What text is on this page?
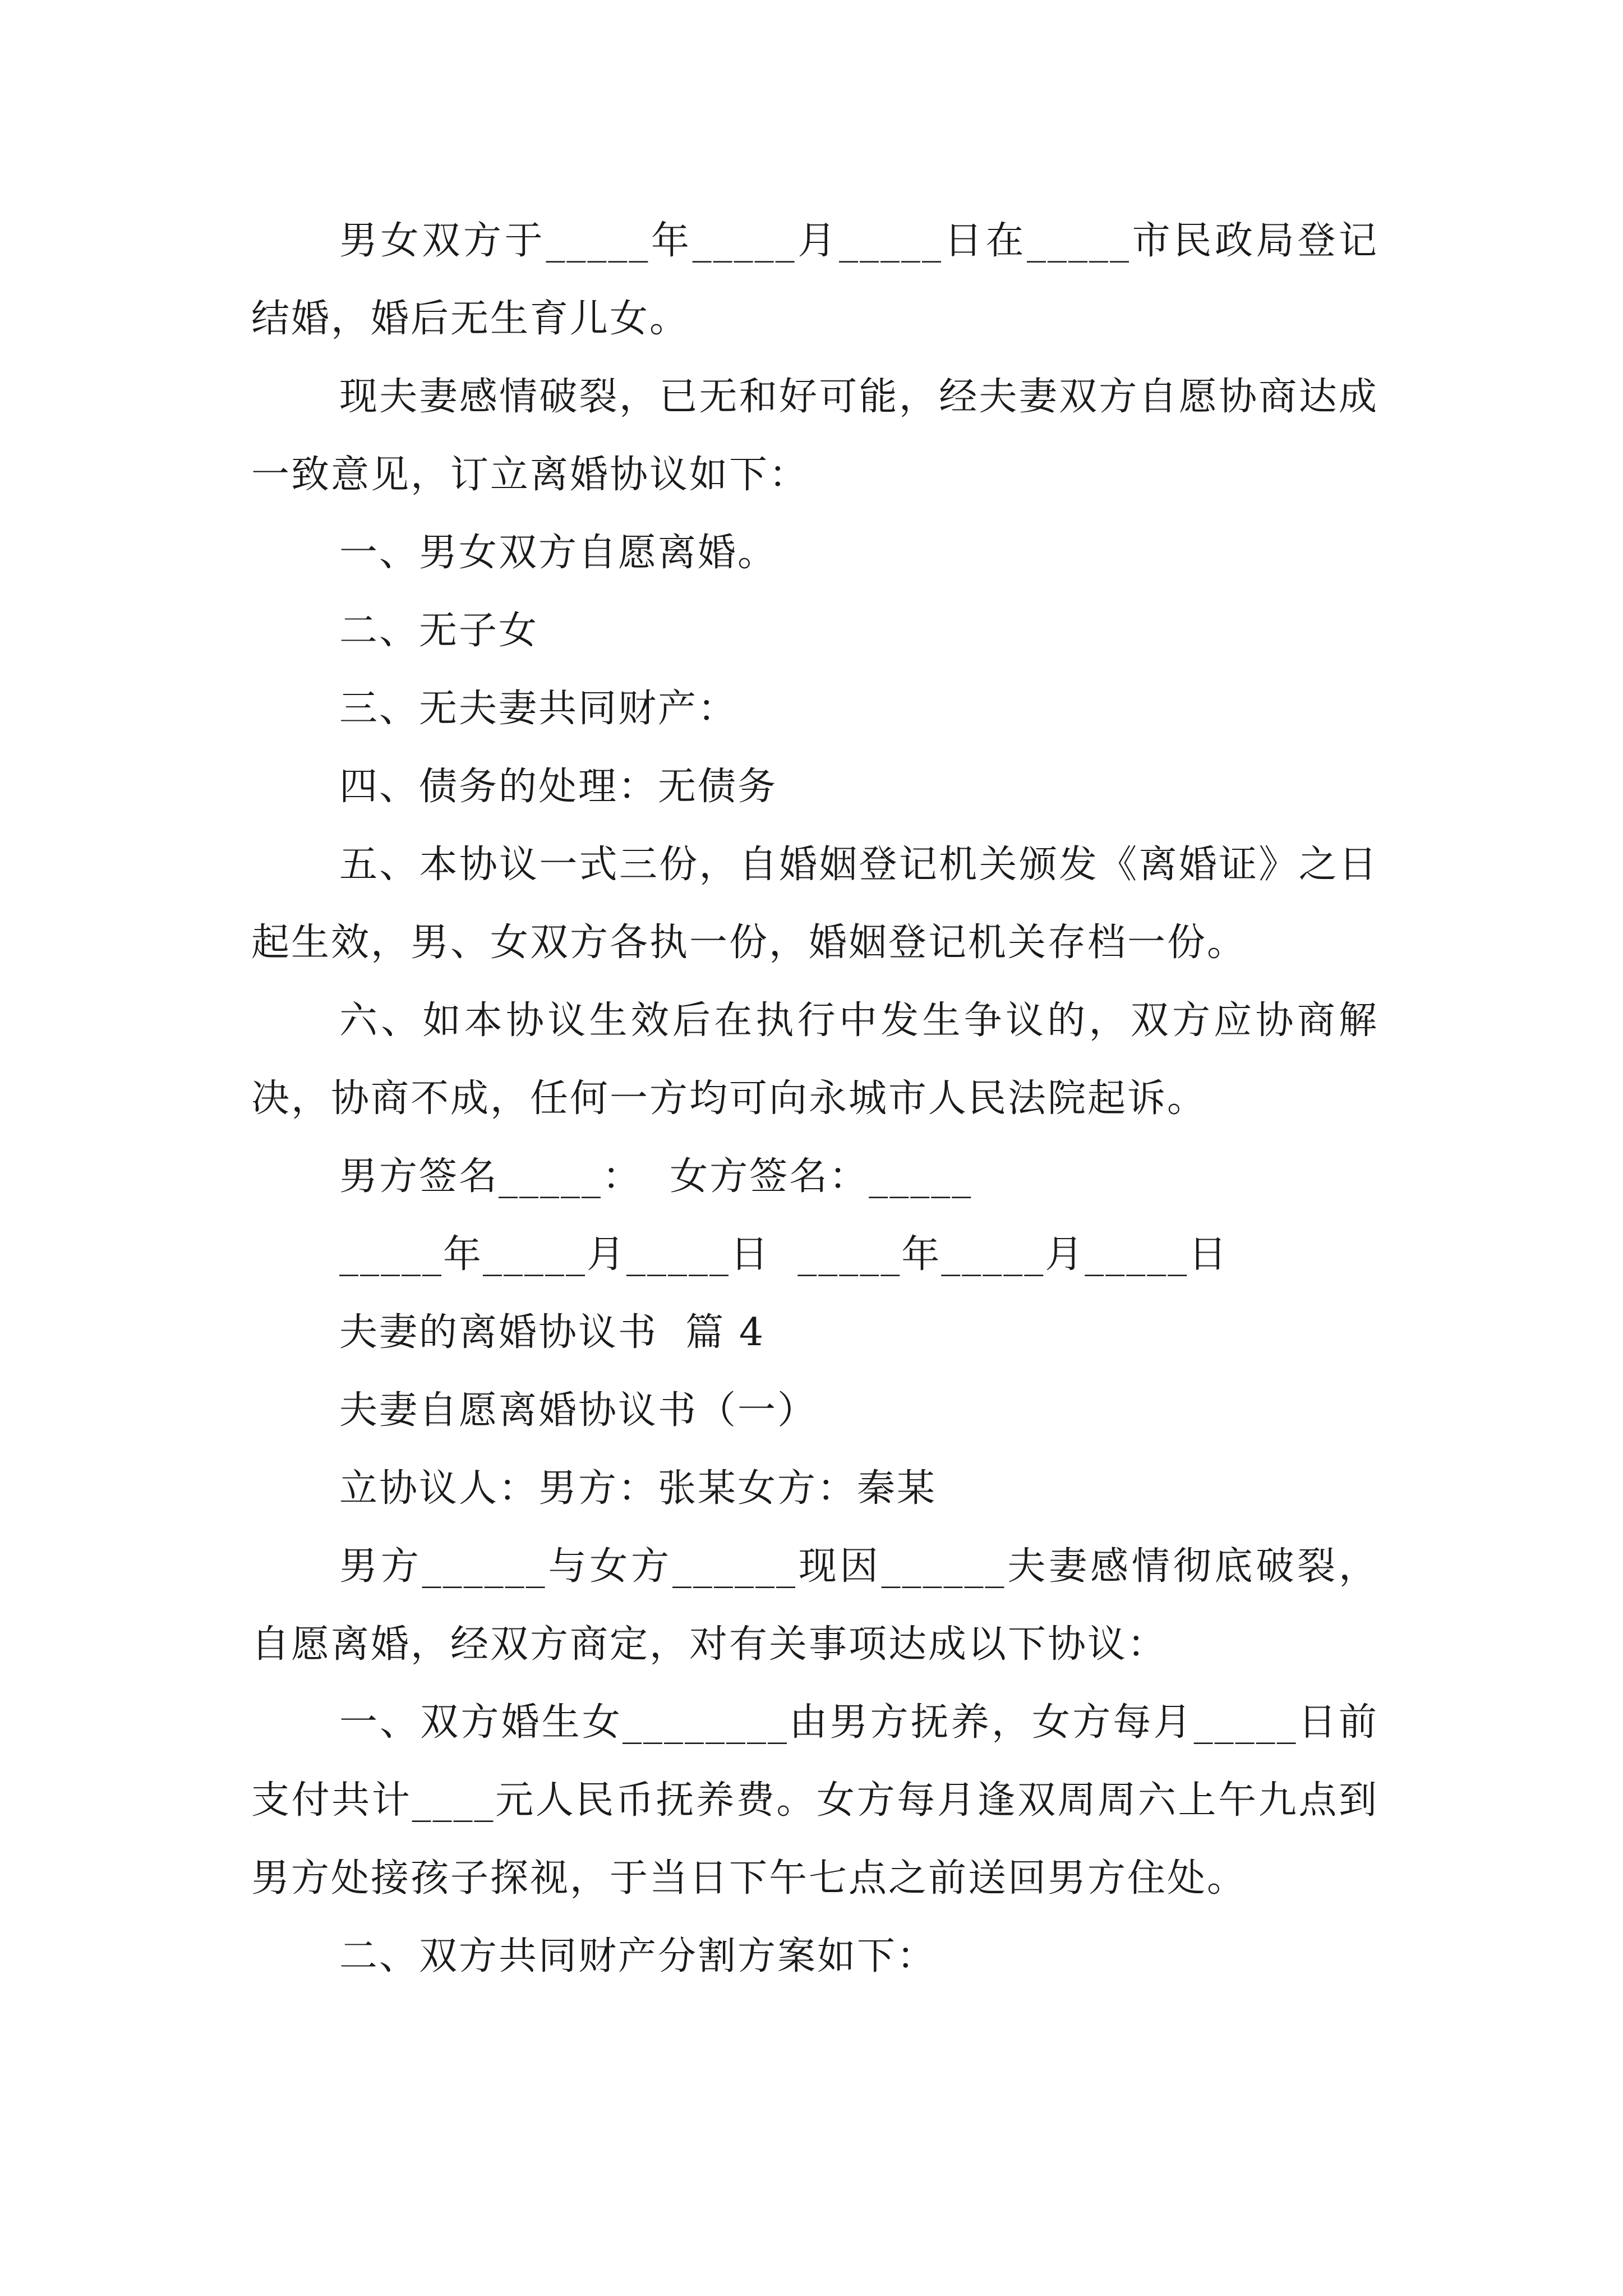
男女双方于_____年_____月_____日在_____市民政局登记结婚，婚后无生育儿女。

现夫妻感情破裂，已无和好可能，经夫妻双方自愿协商达成一致意见，订立离婚协议如下：

一、男女双方自愿离婚。

二、无子女

三、无夫妻共同财产：

四、债务的处理：无债务

五、本协议一式三份，自婚姻登记机关颁发《离婚证》之日起生效，男、女双方各执一份，婚姻登记机关存档一份。

六、如本协议生效后在执行中发生争议的，双方应协商解决，协商不成，任何一方均可向永城市人民法院起诉。

男方签名_____：  女方签名：_____

_____年_____月_____日  _____年_____月_____日

夫妻的离婚协议书  篇 4

夫妻自愿离婚协议书（一）

立协议人：男方：张某女方：秦某

男方______与女方______现因______夫妻感情彻底破裂，自愿离婚，经双方商定，对有关事项达成以下协议：

一、双方婚生女________由男方抚养，女方每月_____日前支付共计____元人民币抚养费。女方每月逢双周周六上午九点到男方处接孩子探视，于当日下午七点之前送回男方住处。

二、双方共同财产分割方案如下：
